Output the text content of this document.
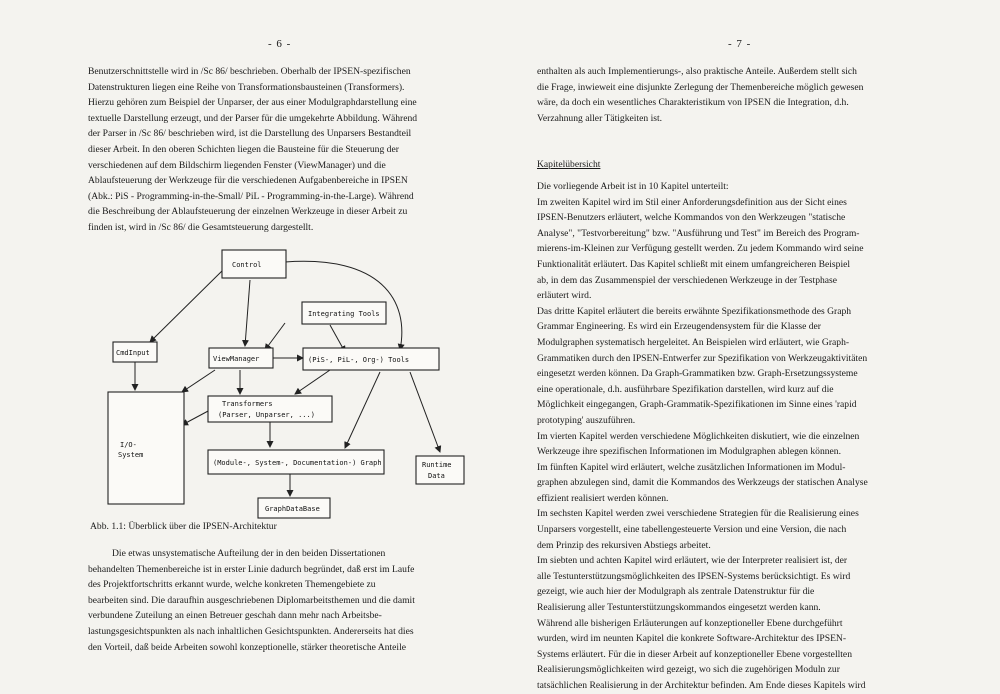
- 6 -
Benutzerschnittstelle wird in /Sc 86/ beschrieben. Oberhalb der IPSEN-spezifischen
Datenstrukturen liegen eine Reihe von Transformationsbausteinen (Transformers).
Hierzu gehören zum Beispiel der Unparser, der aus einer Modulgraphdarstellung eine
textuelle Darstellung erzeugt, und der Parser für die umgekehrte Abbildung. Während
der Parser in /Sc 86/ beschrieben wird, ist die Darstellung des Unparsers Bestandteil
dieser Arbeit. In den oberen Schichten liegen die Bausteine für die Steuerung der
verschiedenen auf dem Bildschirm liegenden Fenster (ViewManager) und die
Ablaufsteuerung der Werkzeuge für die verschiedenen Aufgabenbereiche in IPSEN
(Abk.: PiS - Programming-in-the-Small/ PiL - Programming-in-the-Large). Während
die Beschreibung der Ablaufsteuerung der einzelnen Werkzeuge in dieser Arbeit zu
finden ist, wird in /Sc 86/ die Gesamtsteuerung dargestellt.
Control
Integrating Tools
CmdInput
ViewManager	(PiS-, PiL-, Org-) Tools
Transformers
(Parser, Unparser, ...)
I/O-
System
(Module-, System-, Documentation-) Graph	Runtime
Data
GraphDataBase
Abb. 1.1: Überblick über die IPSEN-Architektur
Die etwas unsystematische Aufteilung der in den beiden Dissertationen
behandelten Themenbereiche ist in erster Linie dadurch begründet, daß erst im Laufe
des Projektfortschritts erkannt wurde, welche konkreten Themengebiete zu
bearbeiten sind. Die daraufhin ausgeschriebenen Diplomarbeitsthemen und die damit
verbundene Zuteilung an einen Betreuer geschah dann mehr nach Arbeitsbe-
lastungsgesichtspunkten als nach inhaltlichen Gesichtspunkten. Andererseits hat dies
den Vorteil, daß beide Arbeiten sowohl konzeptionelle, stärker theoretische Anteile
- 7 -
enthalten als auch Implementierungs-, also praktische Anteile. Außerdem stellt sich
die Frage, inwieweit eine disjunkte Zerlegung der Themenbereiche möglich gewesen
wäre, da doch ein wesentliches Charakteristikum von IPSEN die Integration, d.h.
Verzahnung aller Tätigkeiten ist.
Kapitelübersicht
Die vorliegende Arbeit ist in 10 Kapitel unterteilt:
Im zweiten Kapitel wird im Stil einer Anforderungsdefinition aus der Sicht eines
IPSEN-Benutzers erläutert, welche Kommandos von den Werkzeugen "statische
Analyse", "Testvorbereitung" bzw. "Ausführung und Test" im Bereich des Program-
mierens-im-Kleinen zur Verfügung gestellt werden. Zu jedem Kommando wird seine
Funktionalität erläutert. Das Kapitel schließt mit einem umfangreicheren Beispiel
ab, in dem das Zusammenspiel der verschiedenen Werkzeuge in der Testphase
erläutert wird.
Das dritte Kapitel erläutert die bereits erwähnte Spezifikationsmethode des Graph
Grammar Engineering. Es wird ein Erzeugendensystem für die Klasse der
Modulgraphen systematisch hergeleitet. An Beispielen wird erläutert, wie Graph-
Grammatiken durch den IPSEN-Entwerfer zur Spezifikation von Werkzeugaktivitäten
eingesetzt werden können. Da Graph-Grammatiken bzw. Graph-Ersetzungssysteme
eine operationale, d.h. ausführbare Spezifikation darstellen, wird kurz auf die
Möglichkeit eingegangen, Graph-Grammatik-Spezifikationen im Sinne eines 'rapid
prototyping' auszuführen.
Im vierten Kapitel werden verschiedene Möglichkeiten diskutiert, wie die einzelnen
Werkzeuge ihre spezifischen Informationen im Modulgraphen ablegen können.
Im fünften Kapitel wird erläutert, welche zusätzlichen Informationen im Modul-
graphen abzulegen sind, damit die Kommandos des Werkzeugs der statischen Analyse
effizient realisiert werden können.
Im sechsten Kapitel werden zwei verschiedene Strategien für die Realisierung eines
Unparsers vorgestellt, eine tabellengesteuerte Version und eine Version, die nach
dem Prinzip des rekursiven Abstiegs arbeitet.
Im siebten und achten Kapitel wird erläutert, wie der Interpreter realisiert ist, der
alle Testunterstützungsmöglichkeiten des IPSEN-Systems berücksichtigt. Es wird
gezeigt, wie auch hier der Modulgraph als zentrale Datenstruktur für die
Realisierung aller Testunterstützungskommandos eingesetzt werden kann.
Während alle bisherigen Erläuterungen auf konzeptioneller Ebene durchgeführt
wurden, wird im neunten Kapitel die konkrete Software-Architektur des IPSEN-
Systems erläutert. Für die in dieser Arbeit auf konzeptioneller Ebene vorgestellten
Realisierungsmöglichkeiten wird gezeigt, wo sich die zugehörigen Moduln zur
tatsächlichen Realisierung in der Architektur befinden. Am Ende dieses Kapitels wird
